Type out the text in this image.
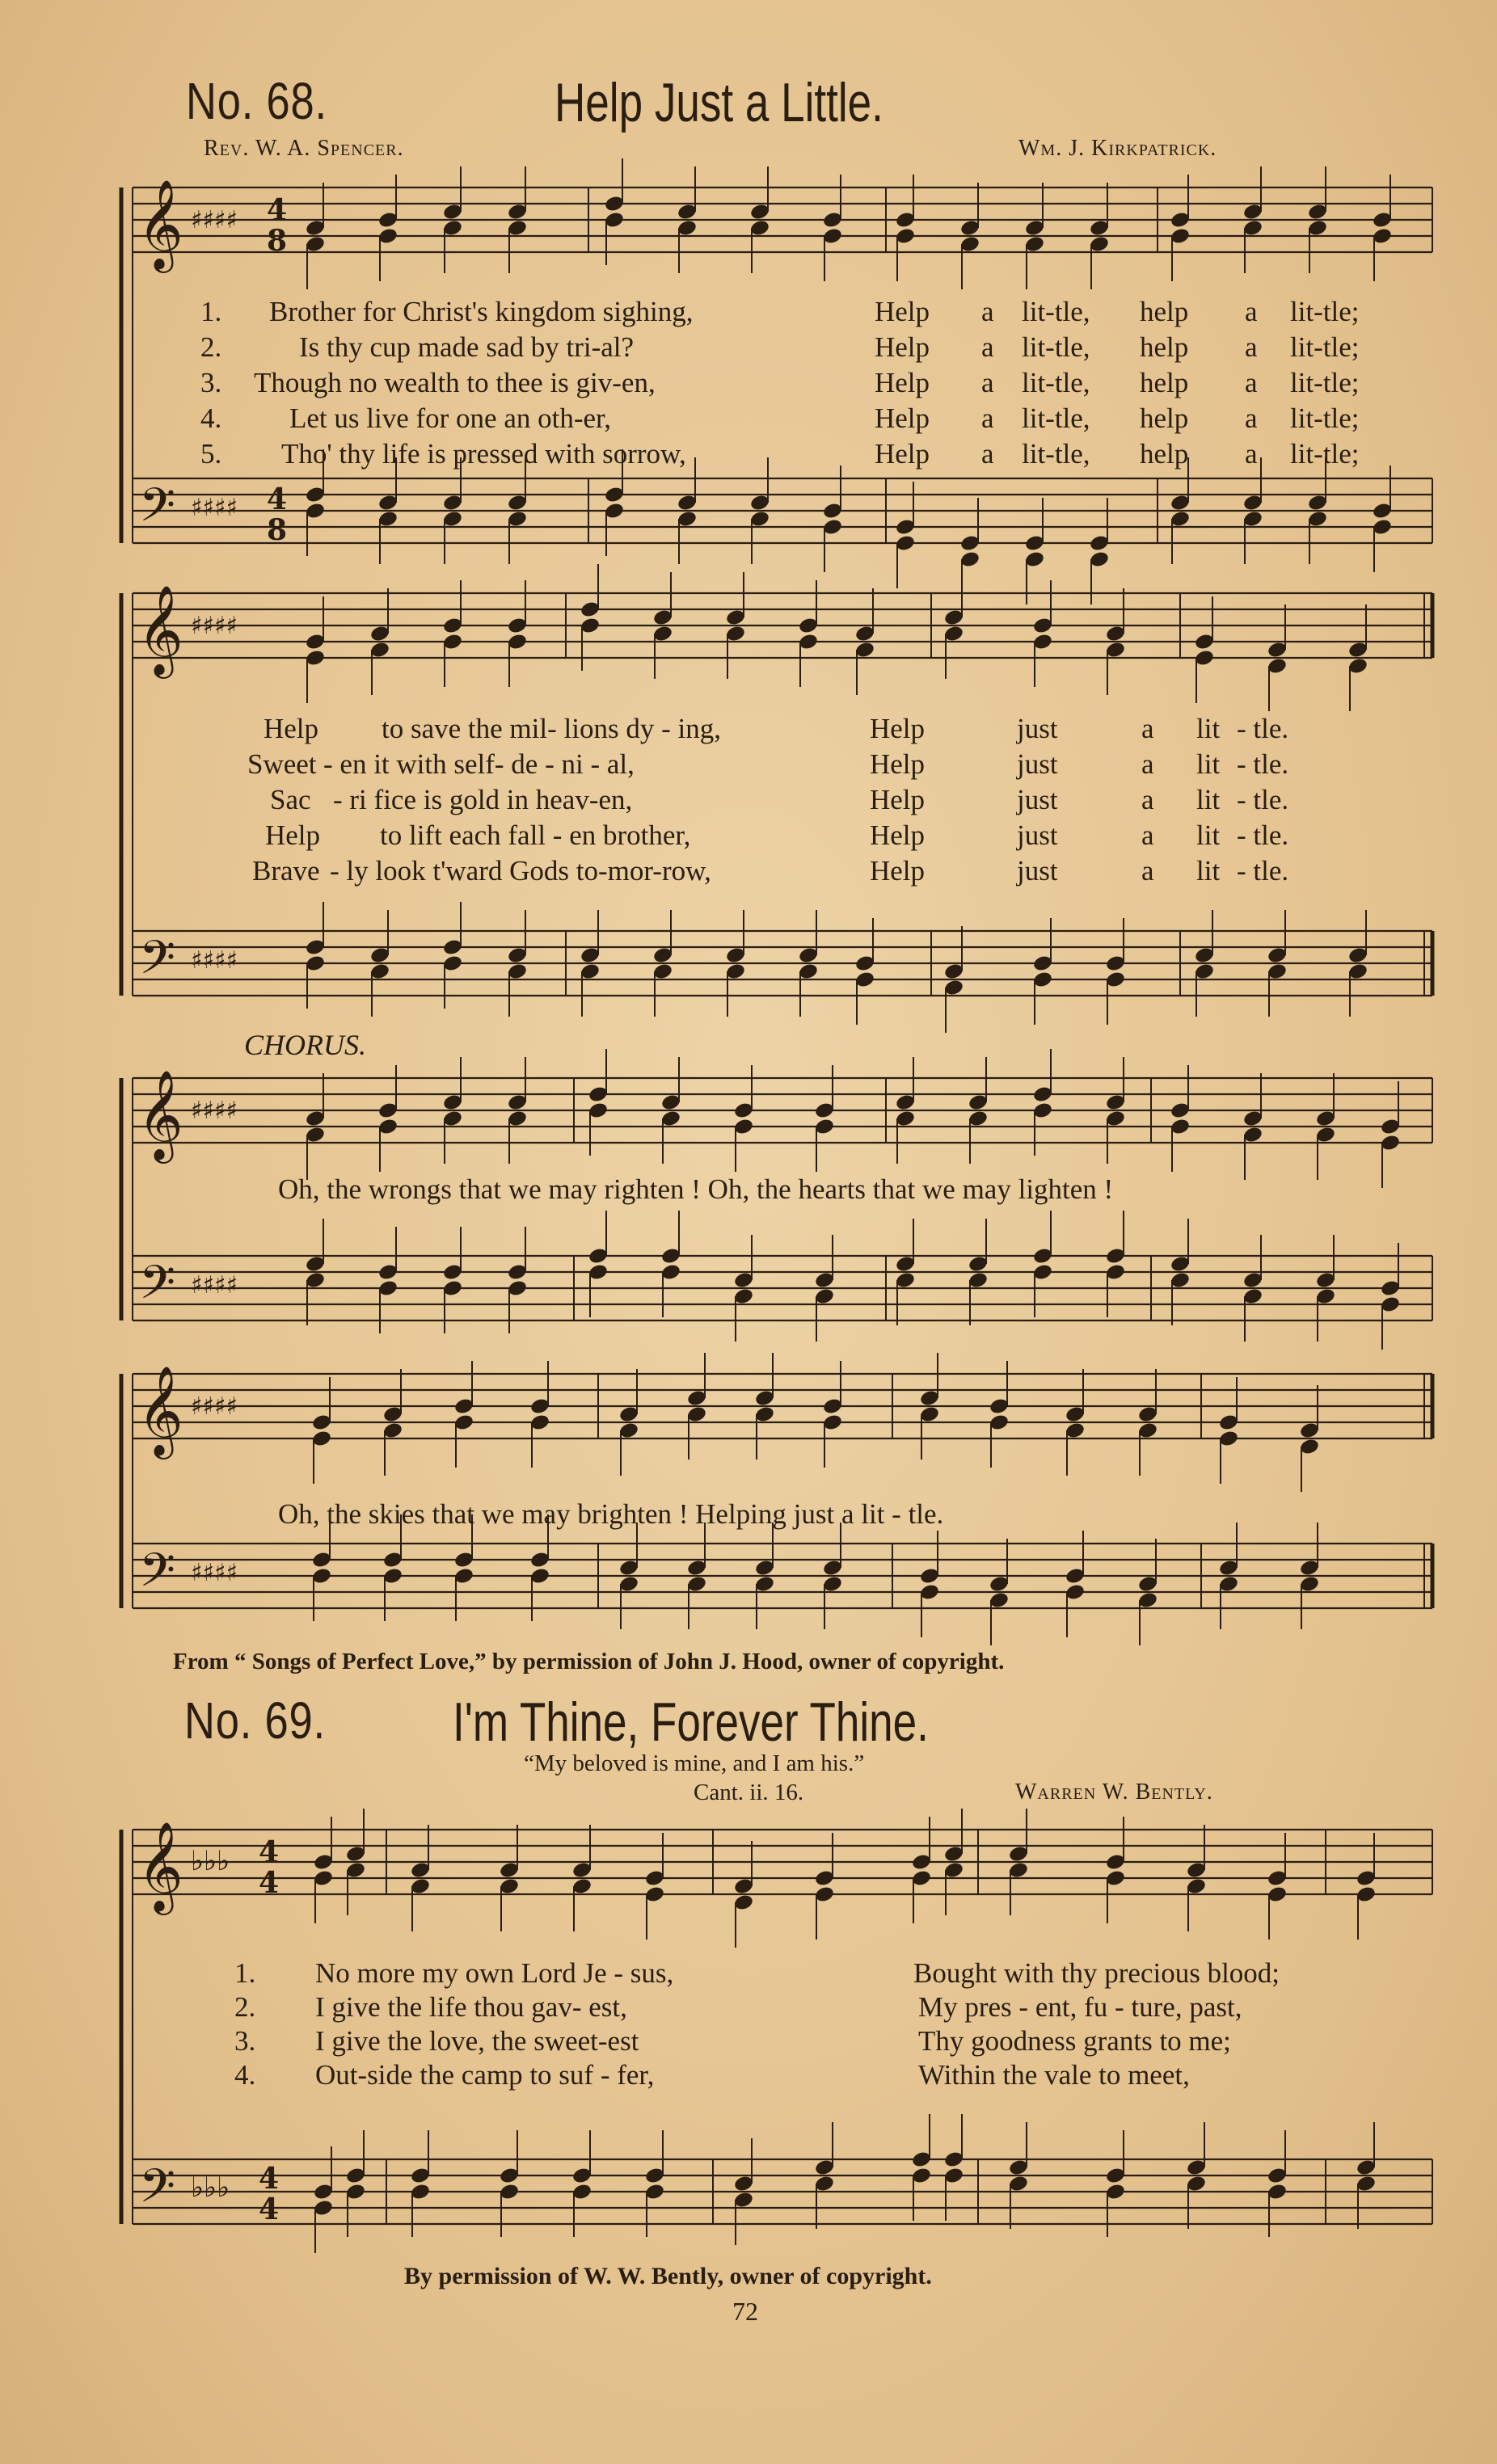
No. 68.	Help Just a Little.
Rev. W. A. Spencer.	Wm. J. Kirkpatrick.
𝄞
𝄢
♯♯♯♯
♯♯♯♯
4
8
4
8
1. Brother for Christ's kingdom sighing,	Help a lit-tle, help a lit-tle;
2.	Is thy cup made sad by tri-al?	Help a lit-tle, help a lit-tle;
3. Though no wealth to thee is giv-en,	Help a lit-tle, help a lit-tle;
4. Let us live for one an oth-er,	Help a lit-tle, help a lit-tle;
5. Tho' thy life is pressed with sorrow,	Help a lit-tle, help a lit-tle;
𝄞
𝄢
♯♯♯♯
♯♯♯♯
Help to save the mil- lions dy - ing,	Help	just	a lit - tle.
Sweet - en it with self- de - ni - al,	Help	just	a lit - tle.
Sac - ri fice is gold in heav-en,	Help	just	a lit - tle.
Help to lift each fall - en brother,	Help	just	a lit - tle.
Brave - ly look t'ward Gods to-mor-row,	Help	just	a lit - tle.
CHORUS.
𝄞
𝄢
♯♯♯♯
♯♯♯♯
Oh, the wrongs that we may righten ! Oh, the hearts that we may lighten !
𝄞
𝄢
♯♯♯♯
♯♯♯♯
Oh, the skies that we may brighten ! Helping just a lit - tle.
From “ Songs of Perfect Love,” by permission of John J. Hood, owner of copyright.
No. 69. I'm Thine, Forever Thine.
“My beloved is mine, and I am his.”
Cant. ii. 16.	Warren W. Bently.
𝄞
𝄢
♭♭♭
♭♭♭
4
4
4
4
1. No more my own Lord Je - sus,	Bought with thy precious blood;
2. I give the life thou gav- est,	My pres - ent, fu - ture, past,
3. I give the love, the sweet-est	Thy goodness grants to me;
4. Out-side the camp to suf - fer,	Within the vale to meet,
By permission of W. W. Bently, owner of copyright.
72
